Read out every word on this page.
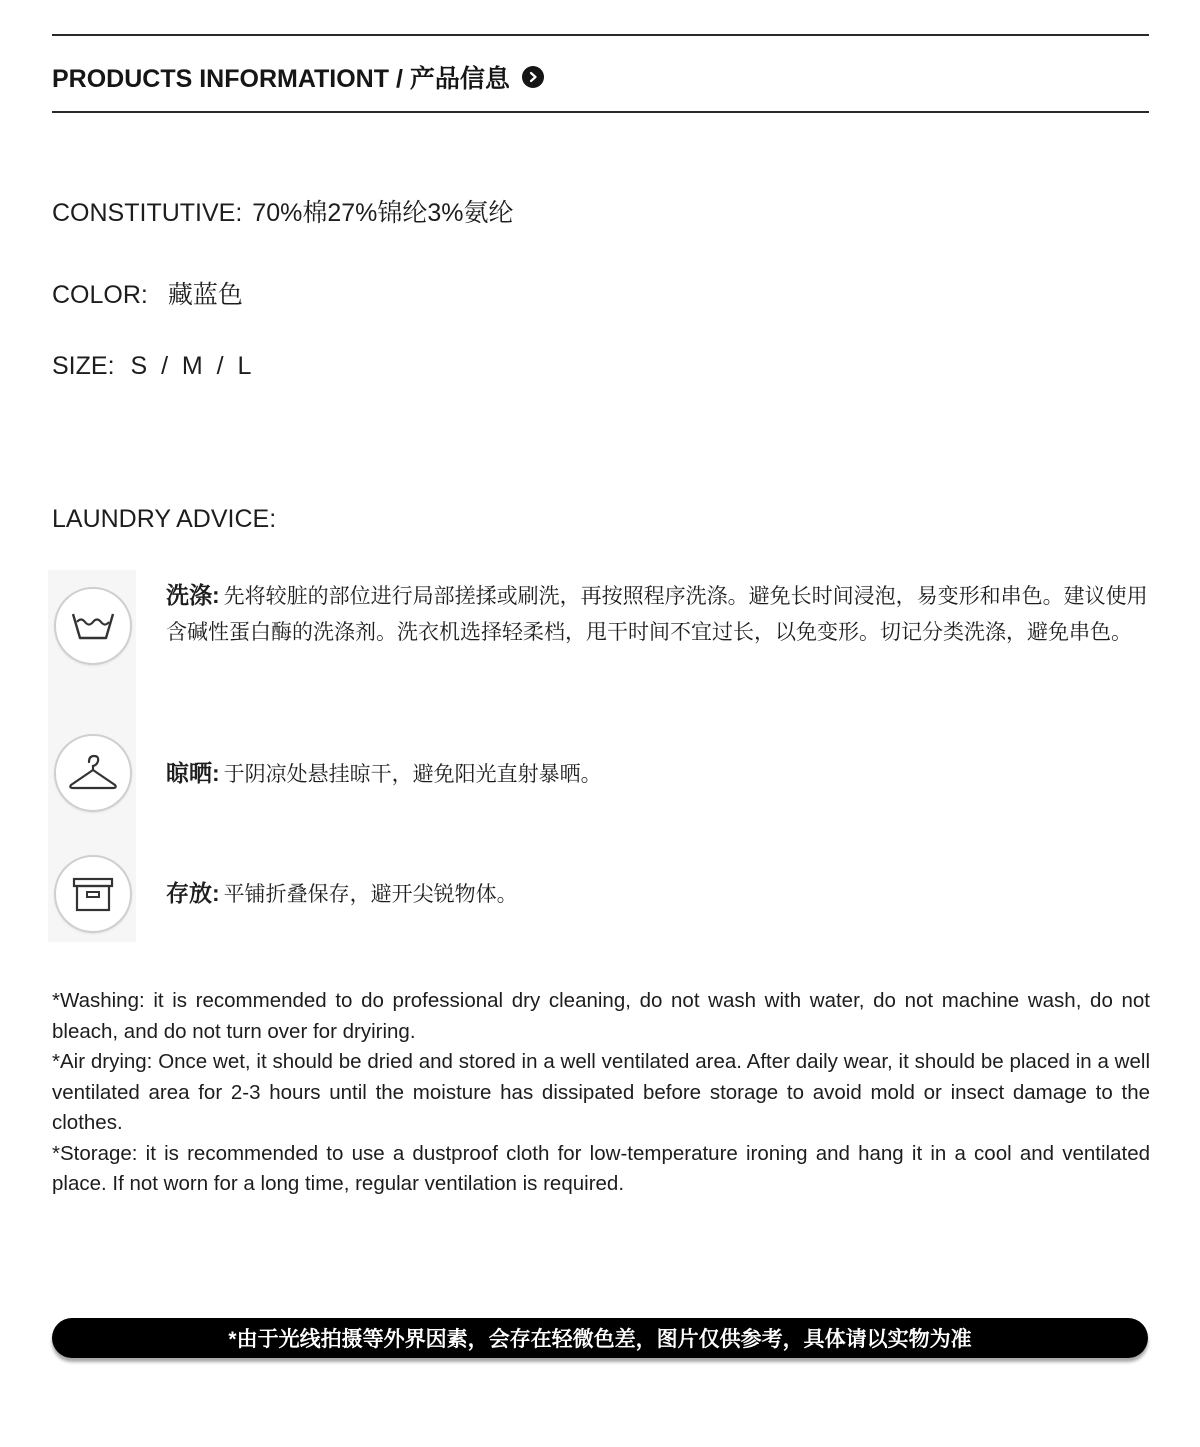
PRODUCTS INFORMATIONT / 产品信息
CONSTITUTIVE: 70%棉27%锦纶3%氨纶
COLOR: 藏蓝色
SIZE: S  /  M  /  L
LAUNDRY ADVICE:
洗涤: 先将较脏的部位进行局部搓揉或刷洗，再按照程序洗涤。避免长时间浸泡，易变形和串色。建议使用含碱性蛋白酶的洗涤剂。洗衣机选择轻柔档，甩干时间不宜过长，以免变形。切记分类洗涤，避免串色。
晾晒: 于阴凉处悬挂晾干，避免阳光直射暴晒。
存放: 平铺折叠保存，避开尖锐物体。

*Washing: it is recommended to do professional dry cleaning, do not wash with water, do not machine wash, do not bleach, and do not turn over for dryiring.

*Air drying: Once wet, it should be dried and stored in a well ventilated area. After daily wear, it should be placed in a well ventilated area for 2-3 hours until the moisture has dissipated before storage to avoid mold or insect damage to the clothes.

*Storage: it is recommended to use a dustproof cloth for low-temperature ironing and hang it in a cool and ventilated place. If not worn for a long time, regular ventilation is required.

*由于光线拍摄等外界因素，会存在轻微色差，图片仅供参考，具体请以实物为准
